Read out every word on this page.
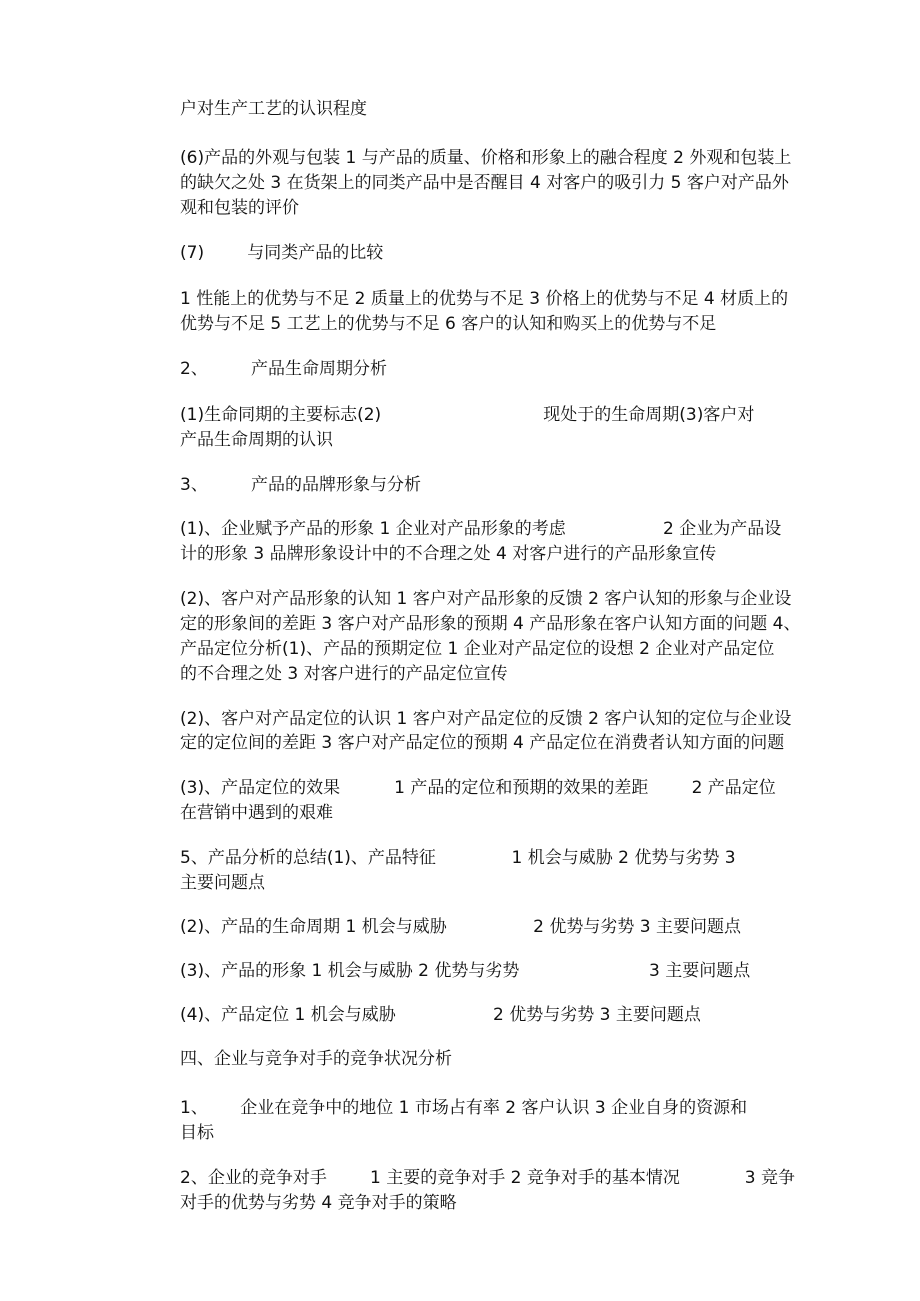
户对生产工艺的认识程度
(6)产品的外观与包装 1 与产品的质量、价格和形象上的融合程度 2 外观和包装上
的缺欠之处 3 在货架上的同类产品中是否醒目 4 对客户的吸引力 5 客户对产品外
观和包装的评价
(7)        与同类产品的比较
1 性能上的优势与不足 2 质量上的优势与不足 3 价格上的优势与不足 4 材质上的
优势与不足 5 工艺上的优势与不足 6 客户的认知和购买上的优势与不足
2、        产品生命周期分析
(1)生命同期的主要标志(2)                              现处于的生命周期(3)客户对
产品生命周期的认识
3、        产品的品牌形象与分析
(1)、企业赋予产品的形象 1 企业对产品形象的考虑                  2 企业为产品设
计的形象 3 品牌形象设计中的不合理之处 4 对客户进行的产品形象宣传
(2)、客户对产品形象的认知 1 客户对产品形象的反馈 2 客户认知的形象与企业设
定的形象间的差距 3 客户对产品形象的预期 4 产品形象在客户认知方面的问题 4、
产品定位分析(1)、产品的预期定位 1 企业对产品定位的设想 2 企业对产品定位
的不合理之处 3 对客户进行的产品定位宣传
(2)、客户对产品定位的认识 1 客户对产品定位的反馈 2 客户认知的定位与企业设
定的定位间的差距 3 客户对产品定位的预期 4 产品定位在消费者认知方面的问题
(3)、产品定位的效果          1 产品的定位和预期的效果的差距        2 产品定位
在营销中遇到的艰难
5、产品分析的总结(1)、产品特征              1 机会与威胁 2 优势与劣势 3
主要问题点
(2)、产品的生命周期 1 机会与威胁                2 优势与劣势 3 主要问题点
(3)、产品的形象 1 机会与威胁 2 优势与劣势                        3 主要问题点
(4)、产品定位 1 机会与威胁                  2 优势与劣势 3 主要问题点
四、企业与竞争对手的竞争状况分析
1、      企业在竞争中的地位 1 市场占有率 2 客户认识 3 企业自身的资源和
目标
2、企业的竞争对手        1 主要的竞争对手 2 竞争对手的基本情况            3 竞争
对手的优势与劣势 4 竞争对手的策略
